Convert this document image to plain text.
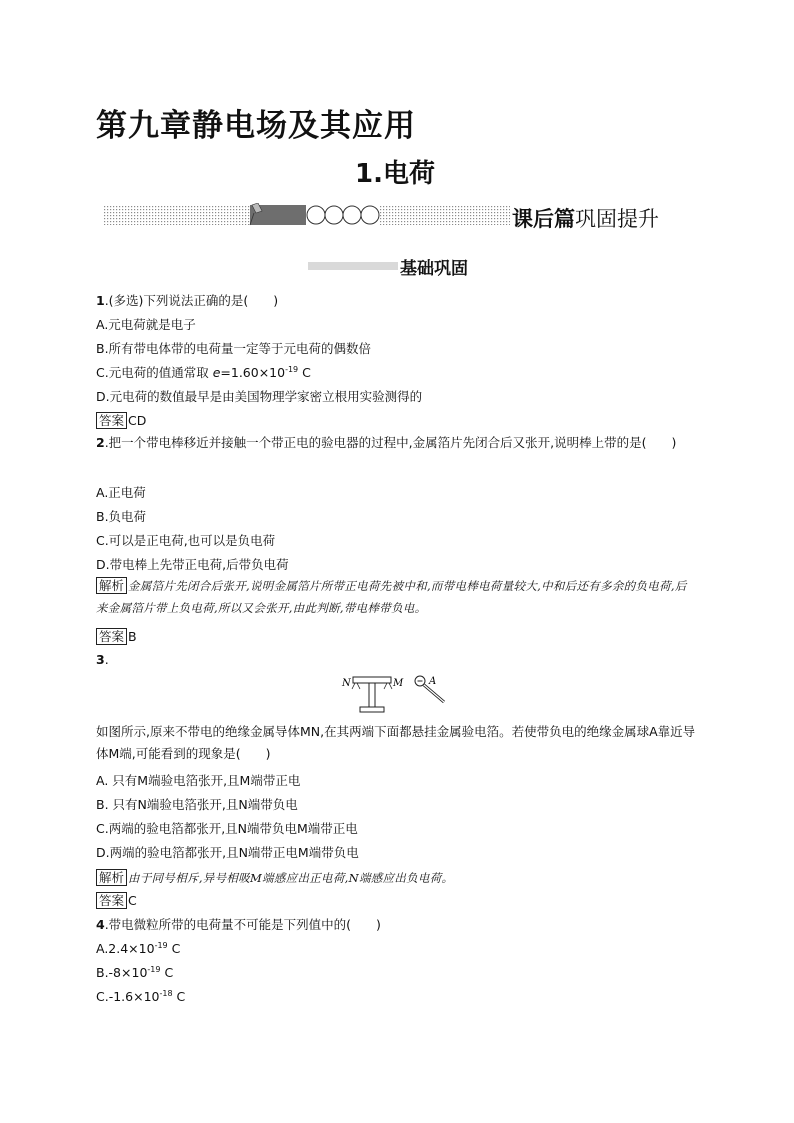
第九章静电场及其应用
1.电荷
课后篇巩固提升
基础巩固
1.(多选)下列说法正确的是(　　)
A.元电荷就是电子
B.所有带电体带的电荷量一定等于元电荷的偶数倍
C.元电荷的值通常取 $e=1.60\times 10^{-19}$ C
D.元电荷的数值最早是由美国物理学家密立根用实验测得的
答案 CD
2.把一个带电棒移近并接触一个带正电的验电器的过程中,金属箔片先闭合后又张开,说明棒上带的是(　　)
A.正电荷
B.负电荷
C.可以是正电荷,也可以是负电荷
D.带电棒上先带正电荷,后带负电荷
解析 金属箔片先闭合后张开,说明金属箔片所带正电荷先被中和,而带电棒电荷量较大,中和后还有多余的负电荷,后来金属箔片带上负电荷,所以又会张开,由此判断,带电棒带负电。
答案 B
3.
N	M	A
如图所示,原来不带电的绝缘金属导体MN,在其两端下面都悬挂金属验电箔。若使带负电的绝缘金属球A靠近导体M端,可能看到的现象是(　　)
A. 只有M端验电箔张开,且M端带正电
B. 只有N端验电箔张开,且N端带负电
C.两端的验电箔都张开,且N端带负电M端带正电
D.两端的验电箔都张开,且N端带正电M端带负电
解析 由于同号相斥,异号相吸M端感应出正电荷,N端感应出负电荷。
答案 C
4.带电微粒所带的电荷量不可能是下列值中的(　　)
$A.2.4\times 10^{-19}$ C
$B.-8\times 10^{-19}$ C
$C.-1.6\times 10^{-18}$ C
